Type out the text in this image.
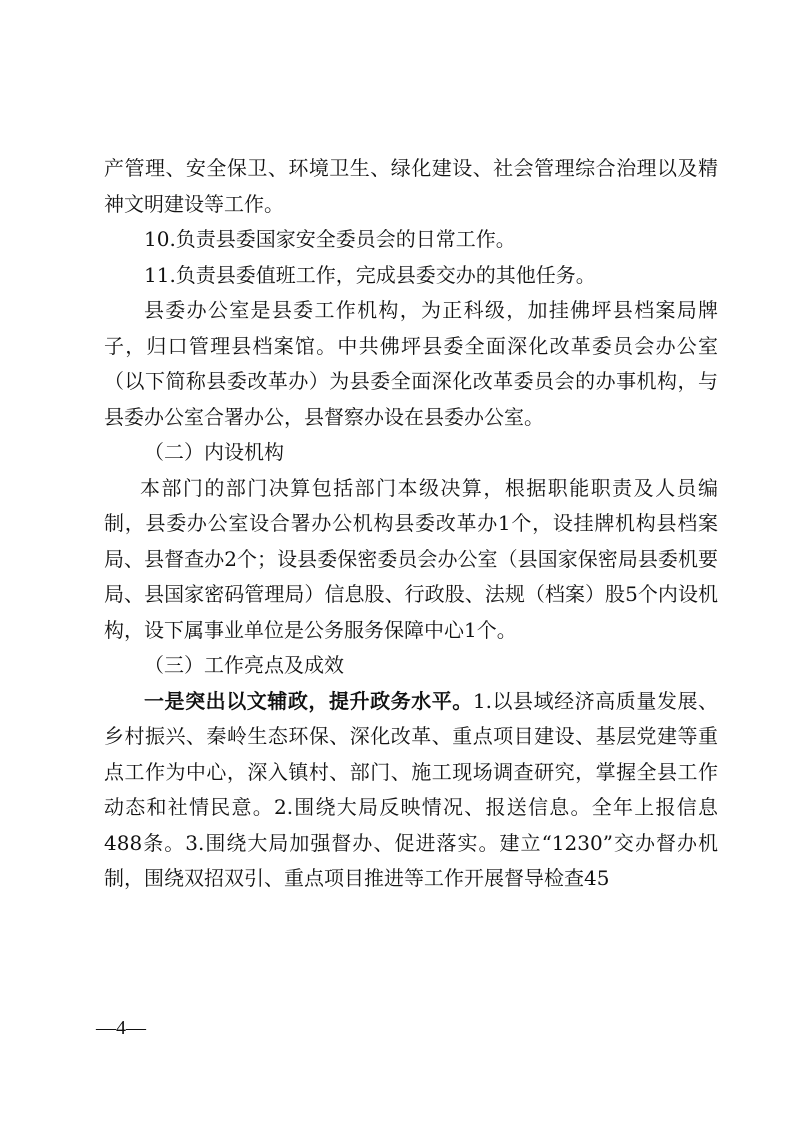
产管理、安全保卫、环境卫生、绿化建设、社会管理综合治理以及精神文明建设等工作。

10.负责县委国家安全委员会的日常工作。

11.负责县委值班工作，完成县委交办的其他任务。

县委办公室是县委工作机构，为正科级，加挂佛坪县档案局牌子，归口管理县档案馆。中共佛坪县委全面深化改革委员会办公室（以下简称县委改革办）为县委全面深化改革委员会的办事机构，与县委办公室合署办公，县督察办设在县委办公室。

（二）内设机构

本部门的部门决算包括部门本级决算，根据职能职责及人员编制，县委办公室设合署办公机构县委改革办1个，设挂牌机构县档案局、县督查办2个；设县委保密委员会办公室（县国家保密局县委机要局、县国家密码管理局）信息股、行政股、法规（档案）股5个内设机构，设下属事业单位是公务服务保障中心1个。

（三）工作亮点及成效

一是突出以文辅政，提升政务水平。1.以县域经济高质量发展、乡村振兴、秦岭生态环保、深化改革、重点项目建设、基层党建等重点工作为中心，深入镇村、部门、施工现场调查研究，掌握全县工作动态和社情民意。2.围绕大局反映情况、报送信息。全年上报信息488条。3.围绕大局加强督办、促进落实。建立“1230”交办督办机制，围绕双招双引、重点项目推进等工作开展督导检查45

—4—
